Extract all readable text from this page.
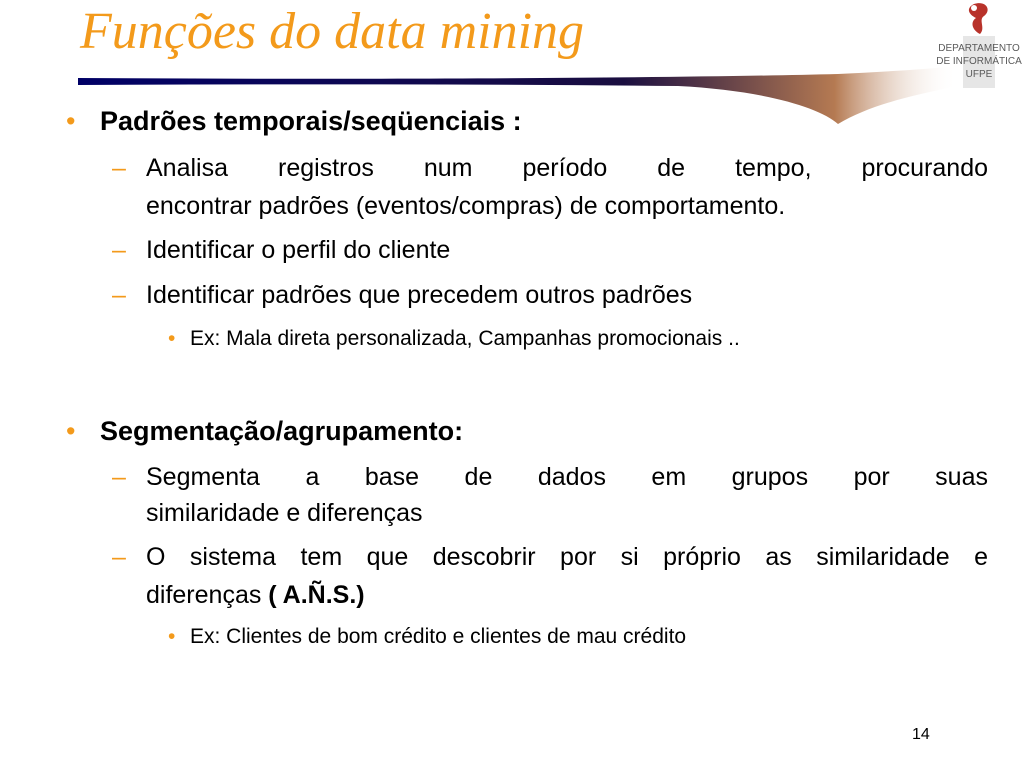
Funções do data mining	DEPARTAMENTO
DE INFORMÁTICA
UFPE
• Padrões temporais/seqüenciais :
– Analisa registros num período de tempo, procurando
encontrar padrões (eventos/compras) de comportamento.
– Identificar o perfil do cliente
– Identificar padrões que precedem outros padrões
• Ex: Mala direta personalizada, Campanhas promocionais ..
• Segmentação/agrupamento:
– Segmenta a base de dados em grupos por suas
similaridade e diferenças
– O sistema tem que descobrir por si próprio as similaridade e
diferenças ( A.Ñ.S.)
• Ex: Clientes de bom crédito e clientes de mau crédito
14
